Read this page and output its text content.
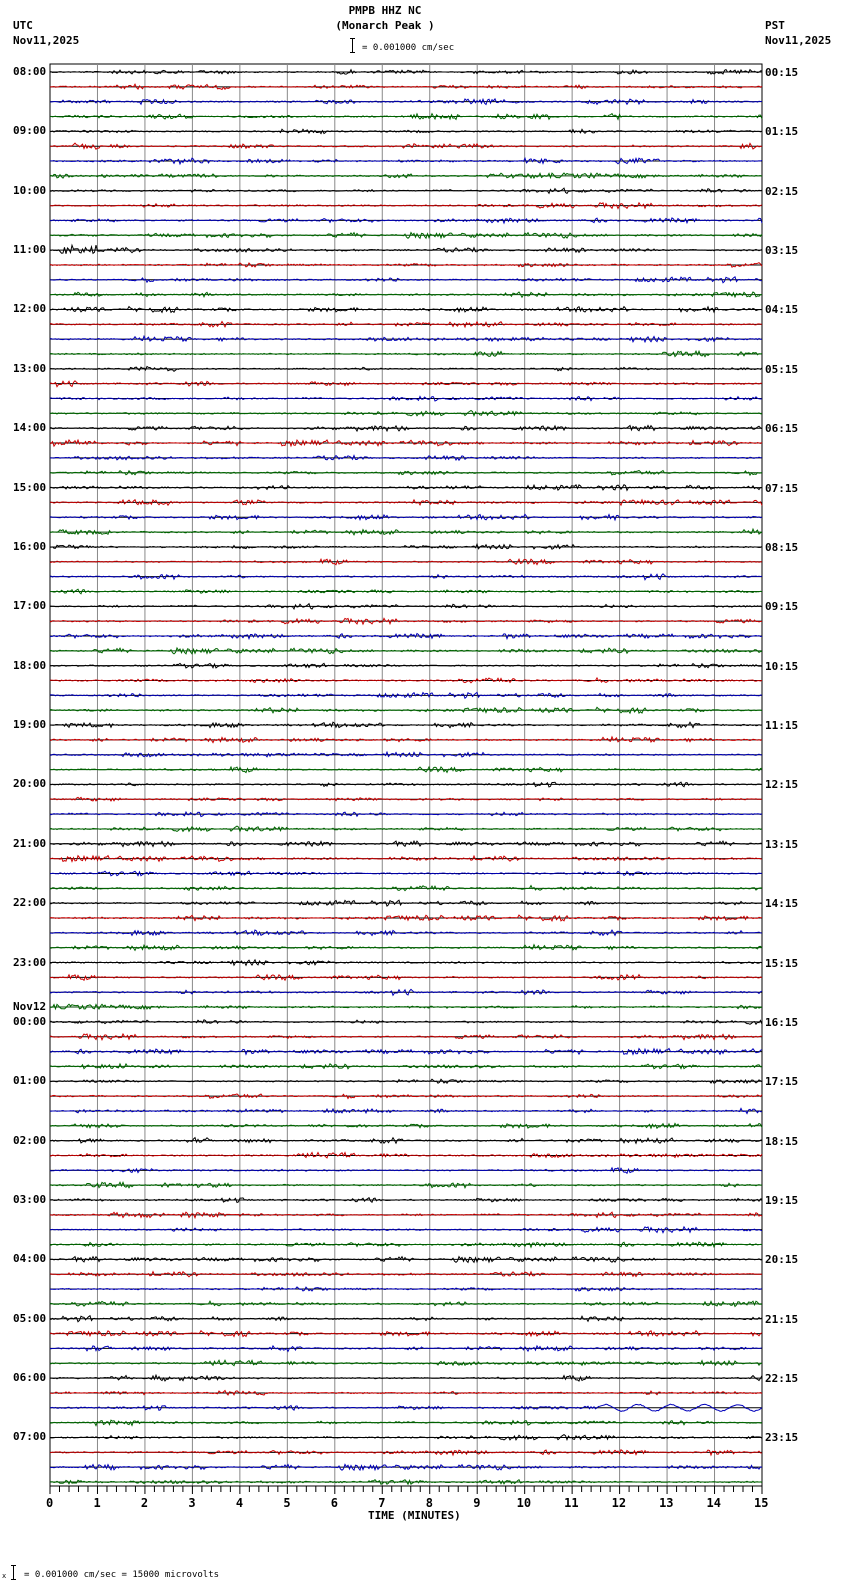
UTC
Nov11,2025
PST
Nov11,2025
PMPB HHZ NC
(Monarch Peak )
= 0.001000 cm/sec
0	1	2	3	4	5	6	7	8	9	10	11	12	13	14	15
08:00
09:00
10:00
11:00
12:00
13:00
14:00
15:00
16:00
17:00
18:00
19:00
20:00
21:00
22:00
23:00
00:00
Nov12
01:00
02:00
03:00
04:00
05:00
06:00
07:00
00:15
01:15
02:15
03:15
04:15
05:15
06:15
07:15
08:15
09:15
10:15
11:15
12:15
13:15
14:15
15:15
16:15
17:15
18:15
19:15
20:15
21:15
22:15
23:15
TIME (MINUTES)
x = 0.001000 cm/sec = 15000 microvolts
